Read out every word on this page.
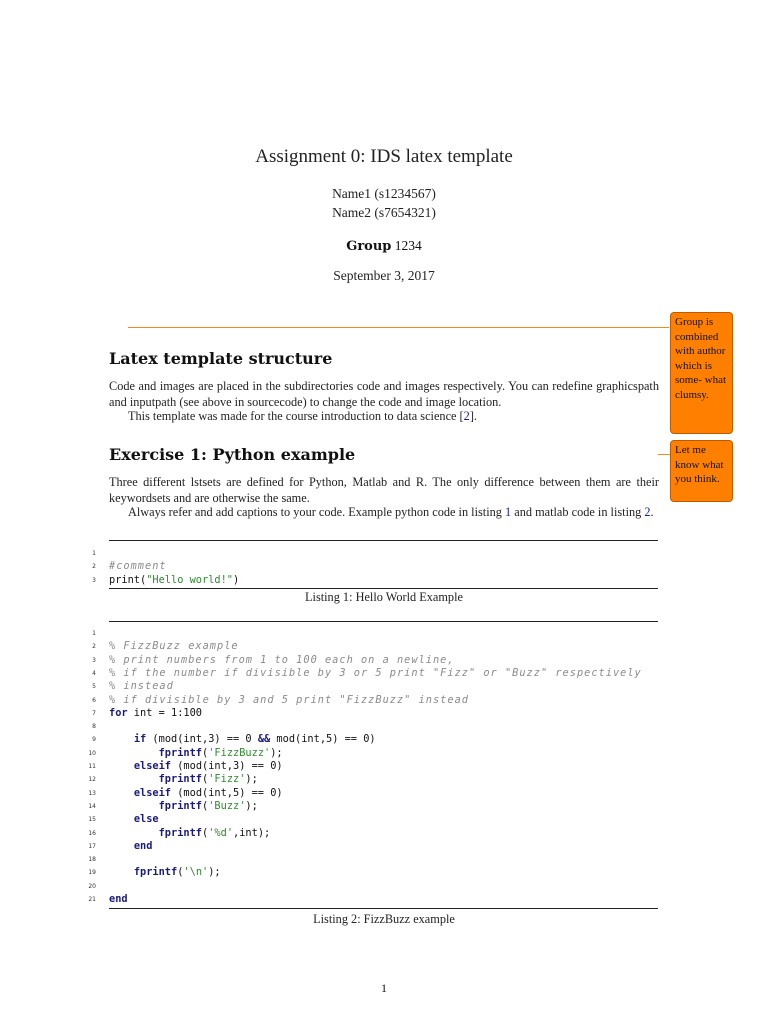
Assignment 0: IDS latex template
Name1 (s1234567)
Name2 (s7654321)
Group 1234
September 3, 2017
Group is combined with author which is some- what clumsy.
Let me know what you think.
Latex template structure
Code and images are placed in the subdirectories code and images respectively. You can redefine graphicspath and inputpath (see above in sourcecode) to change the code and image location.
This template was made for the course introduction to data science [2].
Exercise 1: Python example
Three different lstsets are defined for Python, Matlab and R. The only difference between them are their keywordsets and are otherwise the same.
Always refer and add captions to your code. Example python code in listing 1 and matlab code in listing 2.
1
2 #comment
3 print("Hello world!")
Listing 1: Hello World Example
1
2 % FizzBuzz example
3 % print numbers from 1 to 100 each on a newline,
4 % if the number if divisible by 3 or 5 print "Fizz" or "Buzz" respectively
5 % instead
6 % if divisible by 3 and 5 print "FizzBuzz" instead
7 for int = 1:100
8
9	if (mod(int,3) == 0 && mod(int,5) == 0)
10	fprintf('FizzBuzz');
11	elseif (mod(int,3) == 0)
12	fprintf('Fizz');
13	elseif (mod(int,5) == 0)
14	fprintf('Buzz');
15	else
16	fprintf('%d',int);
17	end
18
19	fprintf('\n');
20
21 end
Listing 2: FizzBuzz example
1
